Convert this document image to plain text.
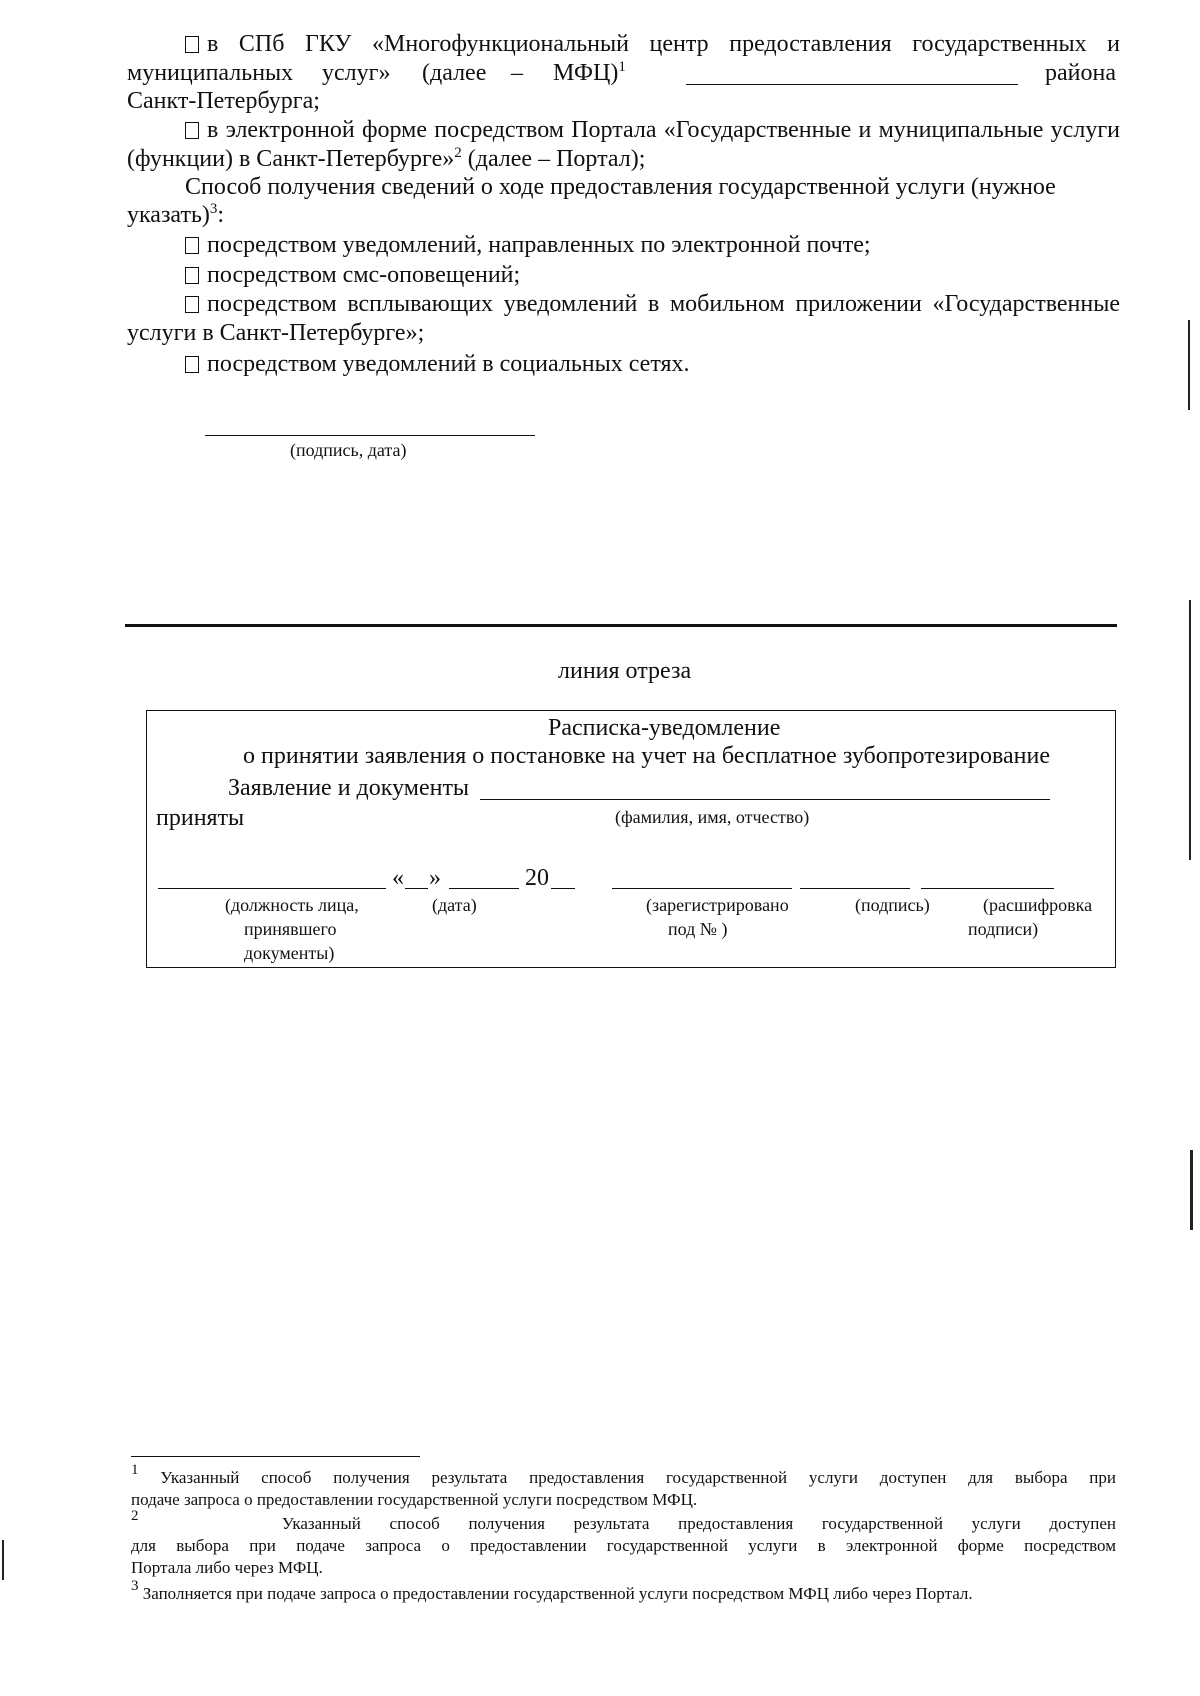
в СПб ГКУ «Многофункциональный центр предоставления государственных и
муниципальных услуг» (далее – МФЦ)$^1$	района
Санкт-Петербурга;
в электронной форме посредством Портала «Государственные и муниципальные услуги
(функции) в Санкт-Петербурге»$^2$ (далее – Портал);
Способ получения сведений о ходе предоставления государственной услуги (нужное
указать)$^3$:
посредством уведомлений, направленных по электронной почте;
посредством смс-оповещений;
посредством всплывающих уведомлений в мобильном приложении «Государственные
услуги в Санкт-Петербурге»;
посредством уведомлений в социальных сетях.
(подпись, дата)
линия отреза
Расписка-уведомление
о принятии заявления о постановке на учет на бесплатное зубопротезирование
Заявление и документы
приняты	(фамилия, имя, отчество)
« »	20
(должность лица,
принявшего
документы)
(дата)	(зарегистрировано
под № )
(подпись)	(расшифровка
подписи)
$^1$ Указанный способ получения результата предоставления государственной услуги доступен для выбора при
подаче запроса о предоставлении государственной услуги посредством МФЦ.
$^2$	Указанный способ получения результата предоставления государственной услуги доступен
для выбора при подаче запроса о предоставлении государственной услуги в электронной форме посредством
Портала либо через МФЦ.
$^3$ Заполняется при подаче запроса о предоставлении государственной услуги посредством МФЦ либо через Портал.
